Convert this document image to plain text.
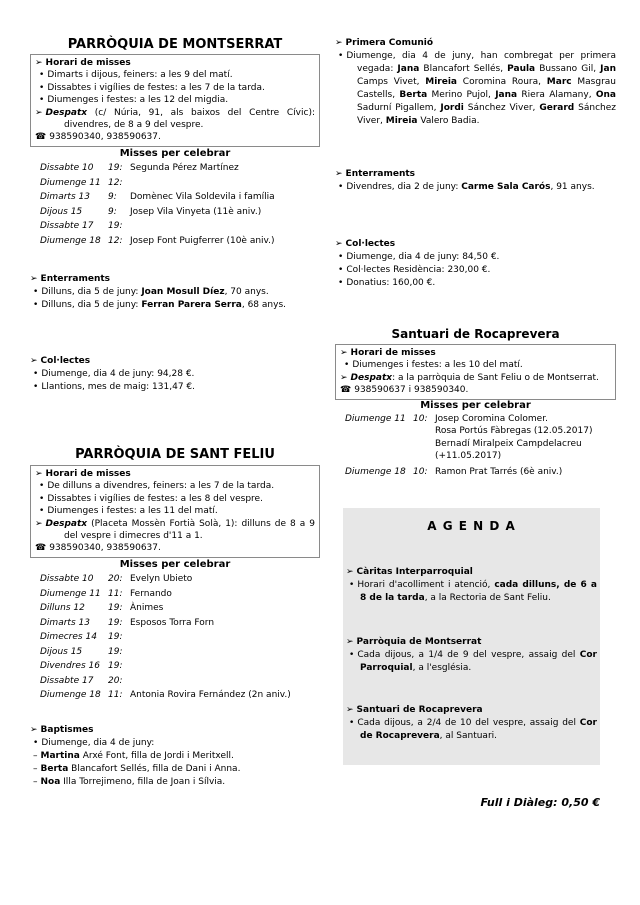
PARRÒQUIA DE MONTSERRAT
➢ Horari de misses
• Dimarts i dijous, feiners: a les 9 del matí.
• Dissabtes i vigílies de festes: a les 7 de la tarda.
• Diumenges i festes: a les 12 del migdia.
➢ Despatx (c/ Núria, 91, als baixos del Centre Cívic): divendres, de 8 a 9 del vespre.
☎ 938590340, 938590637.
Misses per celebrar
Dissabte 10	19: Segunda Pérez Martínez
Diumenge 11 12:
Dimarts 13	9:	Domènec Vila Soldevila i família
Dijous 15	9:	Josep Vila Vinyeta (11è aniv.)
Dissabte 17	19:
Diumenge 18 12: Josep Font Puigferrer (10è aniv.)
➢ Enterraments
• Dilluns, dia 5 de juny: Joan Mosull Díez, 70 anys.
• Dilluns, dia 5 de juny: Ferran Parera Serra, 68 anys.
➢ Col·lectes
• Diumenge, dia 4 de juny: 94,28 €.
• Llantions, mes de maig: 131,47 €.
PARRÒQUIA DE SANT FELIU
➢ Horari de misses
• De dilluns a divendres, feiners: a les 7 de la tarda.
• Dissabtes i vigílies de festes: a les 8 del vespre.
• Diumenges i festes: a les 11 del matí.
➢ Despatx (Placeta Mossèn Fortià Solà, 1): dilluns de 8 a 9 del vespre i dimecres d'11 a 1.
☎ 938590340, 938590637.
Misses per celebrar
Dissabte 10	20: Evelyn Ubieto
Diumenge 11 11: Fernando
Dilluns 12	19: Ànimes
Dimarts 13	19: Esposos Torra Forn
Dimecres 14	19:
Dijous 15	19:
Divendres 16 19:
Dissabte 17	20:
Diumenge 18 11: Antonia Rovira Fernández (2n aniv.)
➢ Baptismes
• Diumenge, dia 4 de juny:
– Martina Arxé Font, filla de Jordi i Meritxell.
– Berta Blancafort Sellés, filla de Dani i Anna.
– Noa Illa Torrejimeno, filla de Joan i Sílvia.
➢ Primera Comunió
• Diumenge, dia 4 de juny, han combregat per primera vegada: Jana Blancafort Sellés, Paula Bussano Gil, Jan Camps Vivet, Mireia Coromina Roura, Marc Masgrau Castells, Berta Merino Pujol, Jana Riera Alamany, Ona Sadurní Pigallem, Jordi Sánchez Viver, Gerard Sánchez Viver, Mireia Valero Badia.
➢ Enterraments
• Divendres, dia 2 de juny: Carme Sala Carós, 91 anys.
➢ Col·lectes
• Diumenge, dia 4 de juny: 84,50 €.
• Col·lectes Residència: 230,00 €.
• Donatius: 160,00 €.
Santuari de Rocaprevera
➢ Horari de misses
• Diumenges i festes: a les 10 del matí.
➢ Despatx: a la parròquia de Sant Feliu o de Montserrat.
☎ 938590637 i 938590340.
Misses per celebrar
Diumenge 11 10: Josep Coromina Colomer.
Rosa Portús Fàbregas (12.05.2017)
Bernadí Miralpeix Campdelacreu
(+11.05.2017)
Diumenge 18 10: Ramon Prat Tarrés (6è aniv.)
A G E N D A
➢ Càritas Interparroquial
• Horari d'acolliment i atenció, cada dilluns, de 6 a 8 de la tarda, a la Rectoria de Sant Feliu.
➢ Parròquia de Montserrat
• Cada dijous, a 1/4 de 9 del vespre, assaig del Cor Parroquial, a l'església.
➢ Santuari de Rocaprevera
• Cada dijous, a 2/4 de 10 del vespre, assaig del Cor de Rocaprevera, al Santuari.
Full i Diàleg: 0,50 €
